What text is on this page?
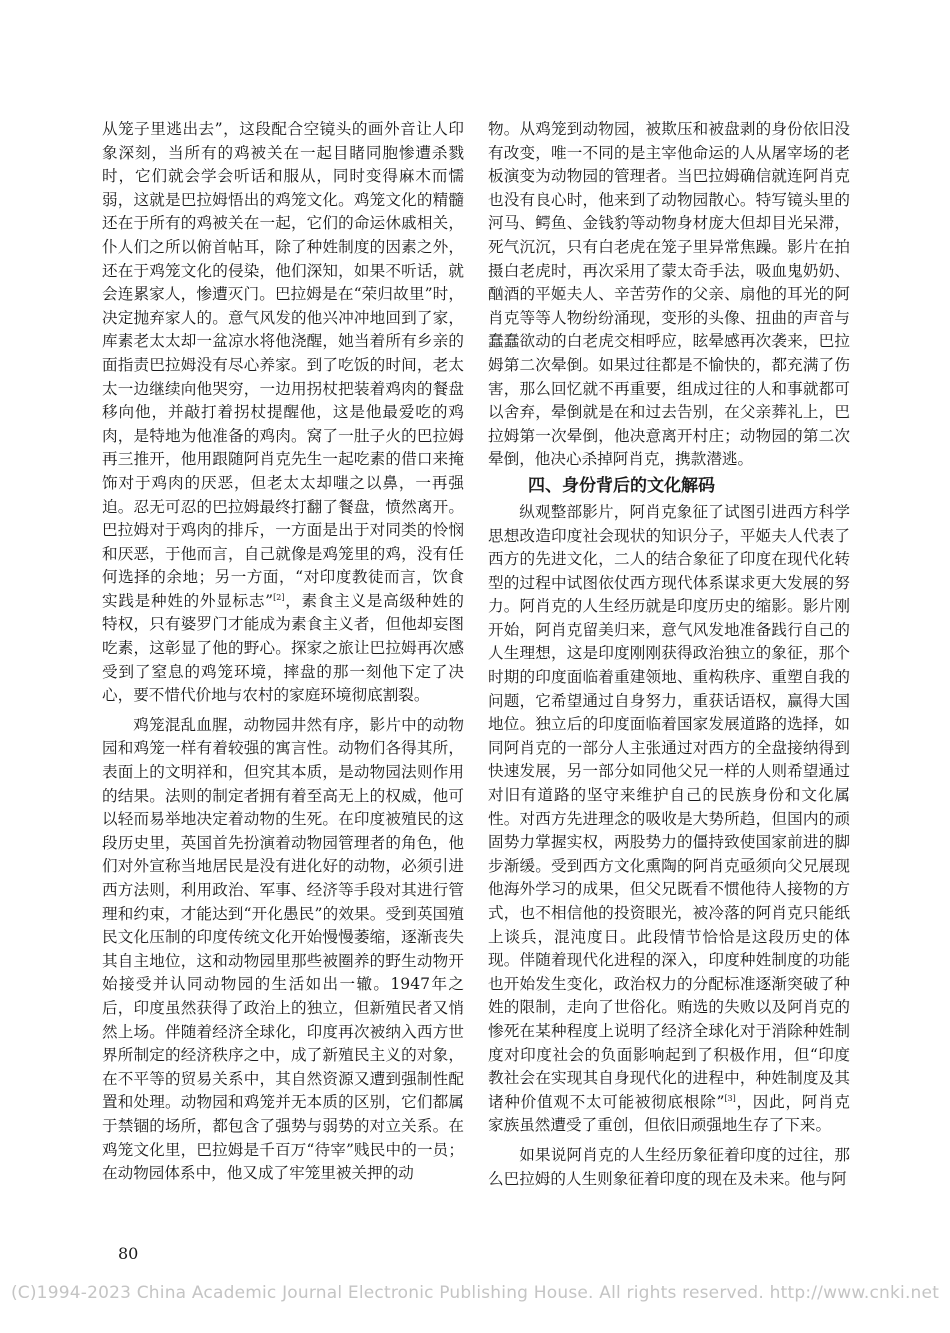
从笼子里逃出去”，这段配合空镜头的画外音让人印象深刻，当所有的鸡被关在一起目睹同胞惨遭杀戮时，它们就会学会听话和服从，同时变得麻木而懦弱，这就是巴拉姆悟出的鸡笼文化。鸡笼文化的精髓还在于所有的鸡被关在一起，它们的命运休戚相关，仆人们之所以俯首帖耳，除了种姓制度的因素之外，还在于鸡笼文化的侵染，他们深知，如果不听话，就会连累家人，惨遭灭门。巴拉姆是在“荣归故里”时，决定抛弃家人的。意气风发的他兴冲冲地回到了家，库素老太太却一盆凉水将他浇醒，她当着所有乡亲的面指责巴拉姆没有尽心养家。到了吃饭的时间，老太太一边继续向他哭穷，一边用拐杖把装着鸡肉的餐盘移向他，并敲打着拐杖提醒他，这是他最爱吃的鸡肉，是特地为他准备的鸡肉。窝了一肚子火的巴拉姆再三推开，他用跟随阿肖克先生一起吃素的借口来掩饰对于鸡肉的厌恶，但老太太却嗤之以鼻，一再强迫。忍无可忍的巴拉姆最终打翻了餐盘，愤然离开。巴拉姆对于鸡肉的排斥，一方面是出于对同类的怜悯和厌恶，于他而言，自己就像是鸡笼里的鸡，没有任何选择的余地；另一方面，“对印度教徒而言，饮食实践是种姓的外显标志”[2]，素食主义是高级种姓的特权，只有婆罗门才能成为素食主义者，但他却妄图吃素，这彰显了他的野心。探家之旅让巴拉姆再次感受到了窒息的鸡笼环境，摔盘的那一刻他下定了决心，要不惜代价地与农村的家庭环境彻底割裂。

鸡笼混乱血腥，动物园井然有序，影片中的动物园和鸡笼一样有着较强的寓言性。动物们各得其所，表面上的文明祥和，但究其本质，是动物园法则作用的结果。法则的制定者拥有着至高无上的权威，他可以轻而易举地决定着动物的生死。在印度被殖民的这段历史里，英国首先扮演着动物园管理者的角色，他们对外宣称当地居民是没有进化好的动物，必须引进西方法则，利用政治、军事、经济等手段对其进行管理和约束，才能达到“开化愚民”的效果。受到英国殖民文化压制的印度传统文化开始慢慢萎缩，逐渐丧失其自主地位，这和动物园里那些被圈养的野生动物开始接受并认同动物园的生活如出一辙。1947年之后，印度虽然获得了政治上的独立，但新殖民者又悄然上场。伴随着经济全球化，印度再次被纳入西方世界所制定的经济秩序之中，成了新殖民主义的对象，在不平等的贸易关系中，其自然资源又遭到强制性配置和处理。动物园和鸡笼并无本质的区别，它们都属于禁锢的场所，都包含了强势与弱势的对立关系。在鸡笼文化里，巴拉姆是千百万“待宰”贱民中的一员；在动物园体系中，他又成了牢笼里被关押的动

物。从鸡笼到动物园，被欺压和被盘剥的身份依旧没有改变，唯一不同的是主宰他命运的人从屠宰场的老板演变为动物园的管理者。当巴拉姆确信就连阿肖克也没有良心时，他来到了动物园散心。特写镜头里的河马、鳄鱼、金钱豹等动物身材庞大但却目光呆滞，死气沉沉，只有白老虎在笼子里异常焦躁。影片在拍摄白老虎时，再次采用了蒙太奇手法，吸血鬼奶奶、酗酒的平姬夫人、辛苦劳作的父亲、扇他的耳光的阿肖克等等人物纷纷涌现，变形的头像、扭曲的声音与蠢蠢欲动的白老虎交相呼应，眩晕感再次袭来，巴拉姆第二次晕倒。如果过往都是不愉快的，都充满了伤害，那么回忆就不再重要，组成过往的人和事就都可以舍弃，晕倒就是在和过去告别，在父亲葬礼上，巴拉姆第一次晕倒，他决意离开村庄；动物园的第二次晕倒，他决心杀掉阿肖克，携款潜逃。

四、身份背后的文化解码

纵观整部影片，阿肖克象征了试图引进西方科学思想改造印度社会现状的知识分子，平姬夫人代表了西方的先进文化，二人的结合象征了印度在现代化转型的过程中试图依仗西方现代体系谋求更大发展的努力。阿肖克的人生经历就是印度历史的缩影。影片刚开始，阿肖克留美归来，意气风发地准备践行自己的人生理想，这是印度刚刚获得政治独立的象征，那个时期的印度面临着重建领地、重构秩序、重塑自我的问题，它希望通过自身努力，重获话语权，赢得大国地位。独立后的印度面临着国家发展道路的选择，如同阿肖克的一部分人主张通过对西方的全盘接纳得到快速发展，另一部分如同他父兄一样的人则希望通过对旧有道路的坚守来维护自己的民族身份和文化属性。对西方先进理念的吸收是大势所趋，但国内的顽固势力掌握实权，两股势力的僵持致使国家前进的脚步渐缓。受到西方文化熏陶的阿肖克亟须向父兄展现他海外学习的成果，但父兄既看不惯他待人接物的方式，也不相信他的投资眼光，被冷落的阿肖克只能纸上谈兵，混沌度日。此段情节恰恰是这段历史的体现。伴随着现代化进程的深入，印度种姓制度的功能也开始发生变化，政治权力的分配标准逐渐突破了种姓的限制，走向了世俗化。贿选的失败以及阿肖克的惨死在某种程度上说明了经济全球化对于消除种姓制度对印度社会的负面影响起到了积极作用，但“印度教社会在实现其自身现代化的进程中，种姓制度及其诸种价值观不太可能被彻底根除”[3]，因此，阿肖克家族虽然遭受了重创，但依旧顽强地生存了下来。

如果说阿肖克的人生经历象征着印度的过往，那么巴拉姆的人生则象征着印度的现在及未来。他与阿

80
(C)1994-2023 China Academic Journal Electronic Publishing House. All rights reserved. http://www.cnki.net
